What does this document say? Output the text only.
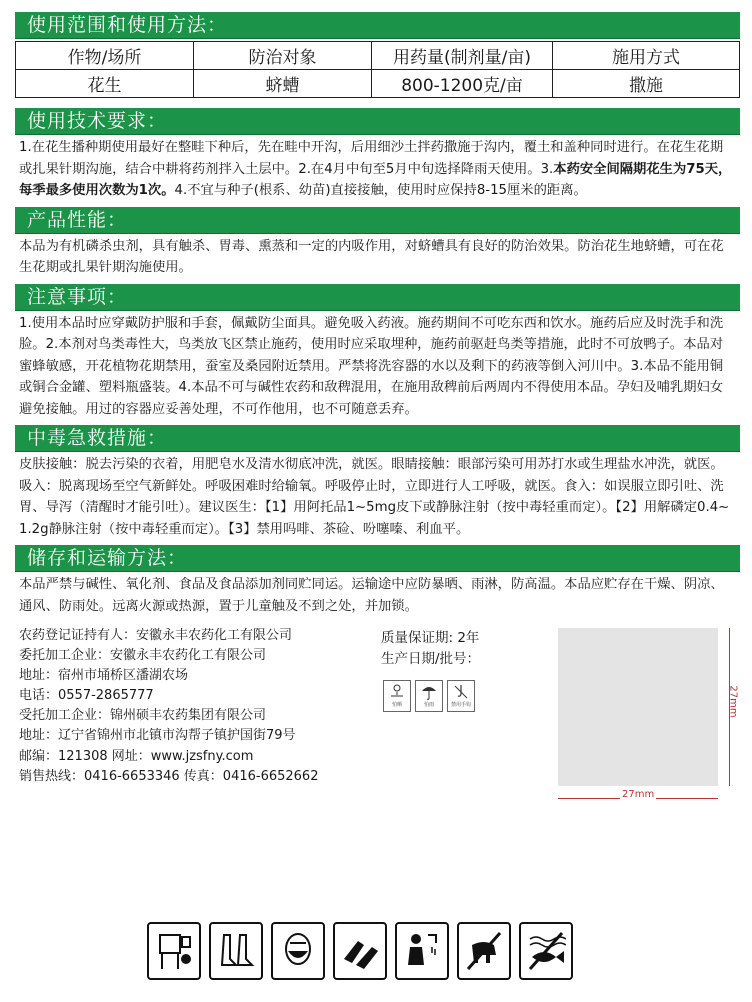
使用范围和使用方法：
作物/场所	防治对象	用药量(制剂量/亩)	施用方式
花生	蛴螬	800-1200克/亩	撒施
使用技术要求：

1.在花生播种期使用最好在整畦下种后，先在畦中开沟，后用细沙土拌药撒施于沟内，覆土和盖种同时进行。在花生花期或扎果针期沟施，结合中耕将药剂拌入土层中。2.在4月中旬至5月中旬选择降雨天使用。3.本药安全间隔期花生为75天，每季最多使用次数为1次。4.不宜与种子(根系、幼苗)直接接触，使用时应保持8-15厘米的距离。

产品性能：

本品为有机磷杀虫剂，具有触杀、胃毒、熏蒸和一定的内吸作用，对蛴螬具有良好的防治效果。防治花生地蛴螬，可在花生花期或扎果针期沟施使用。

注意事项：

1.使用本品时应穿戴防护服和手套，佩戴防尘面具。避免吸入药液。施药期间不可吃东西和饮水。施药后应及时洗手和洗脸。2.本剂对鸟类毒性大，鸟类放飞区禁止施药，使用时应采取埋种，施药前驱赶鸟类等措施，此时不可放鸭子。本品对蜜蜂敏感，开花植物花期禁用，蚕室及桑园附近禁用。严禁将洗容器的水以及剩下的药液等倒入河川中。3.本品不能用铜或铜合金罐、塑料瓶盛装。4.本品不可与碱性农药和敌稗混用，在施用敌稗前后两周内不得使用本品。孕妇及哺乳期妇女避免接触。用过的容器应妥善处理，不可作他用，也不可随意丢弃。

中毒急救措施：

皮肤接触：脱去污染的衣着，用肥皂水及清水彻底冲洗，就医。眼睛接触：眼部污染可用苏打水或生理盐水冲洗，就医。吸入：脱离现场至空气新鲜处。呼吸困难时给输氧。呼吸停止时，立即进行人工呼吸，就医。食入：如误服立即引吐、洗胃、导泻（清醒时才能引吐）。建议医生：【1】用阿托品1~5mg皮下或静脉注射（按中毒轻重而定）。【2】用解磷定0.4~1.2g静脉注射（按中毒轻重而定）。【3】禁用吗啡、茶硷、吩噻嗪、利血平。

储存和运输方法：

本品严禁与碱性、氧化剂、食品及食品添加剂同贮同运。运输途中应防暴晒、雨淋，防高温。本品应贮存在干燥、阴凉、通风、防雨处。远离火源或热源，置于儿童触及不到之处，并加锁。

农药登记证持有人：安徽永丰农药化工有限公司
委托加工企业：安徽永丰农药化工有限公司
地址：宿州市埇桥区潘湖农场
电话：0557-2865777
受托加工企业：锦州硕丰农药集团有限公司
地址：辽宁省锦州市北镇市沟帮子镇护国街79号
邮编：121308 网址：www.jzsfny.com
销售热线：0416-6653346 传真：0416-6652662
质量保证期: 2年
生产日期/批号：
怕晒	怕雨	禁用手钩	27mm
27mm
